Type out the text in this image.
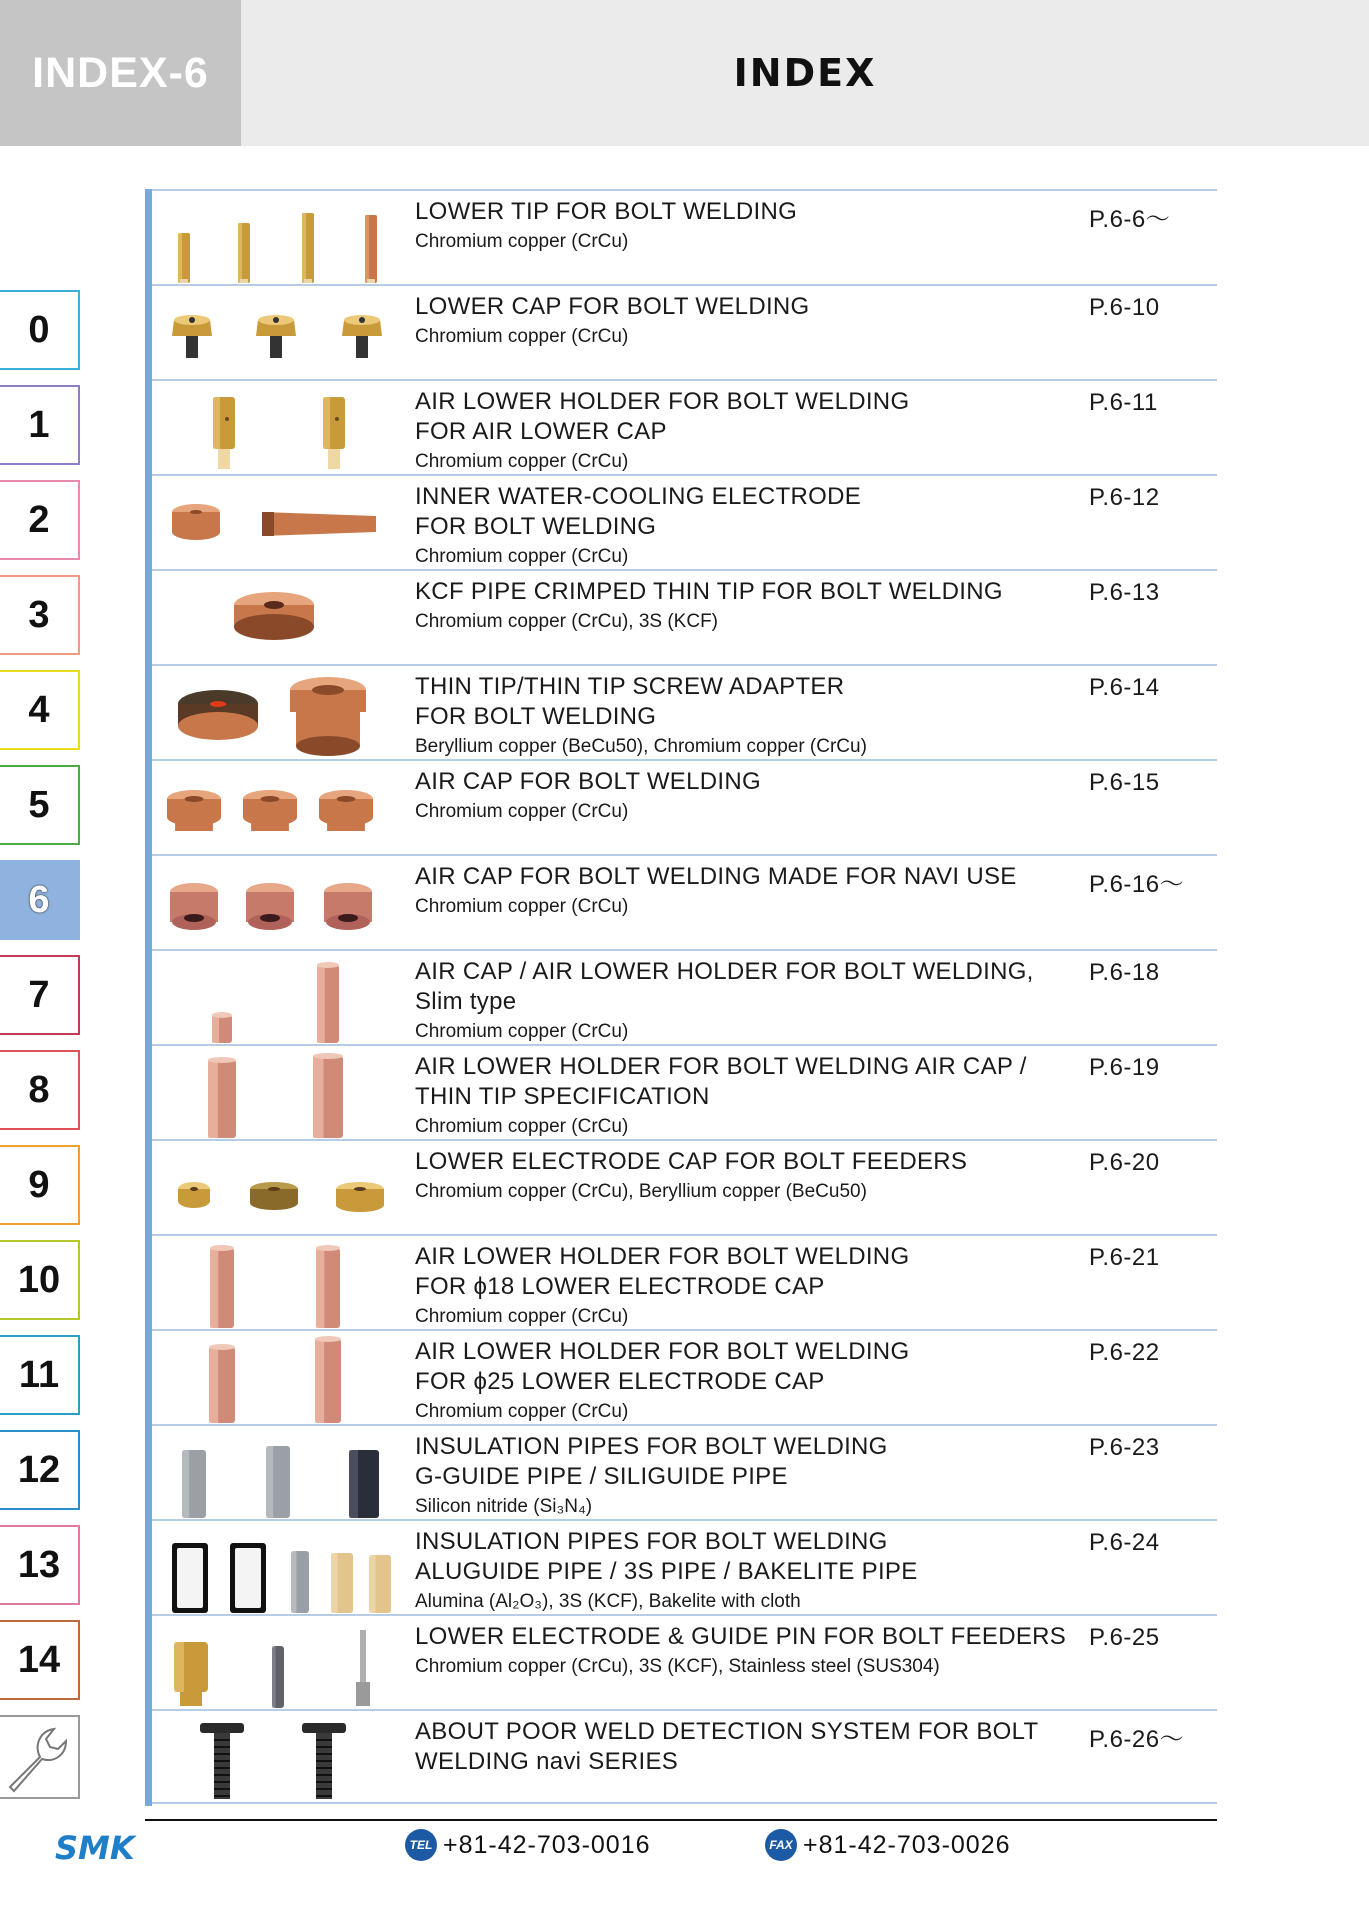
INDEX-6	INDEX
0
1
2
3
4
5
6
7
8
9
10
11
12
13
14
LOWER TIP FOR BOLT WELDING
Chromium copper (CrCu)
P.6-6〜
LOWER CAP FOR BOLT WELDING
Chromium copper (CrCu)
P.6-10
AIR LOWER HOLDER FOR BOLT WELDING
FOR AIR LOWER CAP
Chromium copper (CrCu)
P.6-11
INNER WATER-COOLING ELECTRODE
FOR BOLT WELDING
Chromium copper (CrCu)
P.6-12
KCF PIPE CRIMPED THIN TIP FOR BOLT WELDING
Chromium copper (CrCu), 3S (KCF)
P.6-13
THIN TIP/THIN TIP SCREW ADAPTER
FOR BOLT WELDING
Beryllium copper (BeCu50), Chromium copper (CrCu)
P.6-14
AIR CAP FOR BOLT WELDING
Chromium copper (CrCu)
P.6-15
AIR CAP FOR BOLT WELDING MADE FOR NAVI USE
Chromium copper (CrCu)
P.6-16〜
AIR CAP / AIR LOWER HOLDER FOR BOLT WELDING,
Slim type
Chromium copper (CrCu)
P.6-18
AIR LOWER HOLDER FOR BOLT WELDING AIR CAP /
THIN TIP SPECIFICATION
Chromium copper (CrCu)
P.6-19
LOWER ELECTRODE CAP FOR BOLT FEEDERS
Chromium copper (CrCu), Beryllium copper (BeCu50)
P.6-20
AIR LOWER HOLDER FOR BOLT WELDING
FOR ϕ18 LOWER ELECTRODE CAP
Chromium copper (CrCu)
P.6-21
AIR LOWER HOLDER FOR BOLT WELDING
FOR ϕ25 LOWER ELECTRODE CAP
Chromium copper (CrCu)
P.6-22
INSULATION PIPES FOR BOLT WELDING
G-GUIDE PIPE / SILIGUIDE PIPE
Silicon nitride (Si₃N₄)
P.6-23
INSULATION PIPES FOR BOLT WELDING
ALUGUIDE PIPE / 3S PIPE / BAKELITE PIPE
Alumina (Al₂O₃), 3S (KCF), Bakelite with cloth
P.6-24
LOWER ELECTRODE & GUIDE PIN FOR BOLT FEEDERS
Chromium copper (CrCu), 3S (KCF), Stainless steel (SUS304)
P.6-25
ABOUT POOR WELD DETECTION SYSTEM FOR BOLT
WELDING navi SERIES
P.6-26〜
SMK	TEL +81-42-703-0016	FAX +81-42-703-0026
